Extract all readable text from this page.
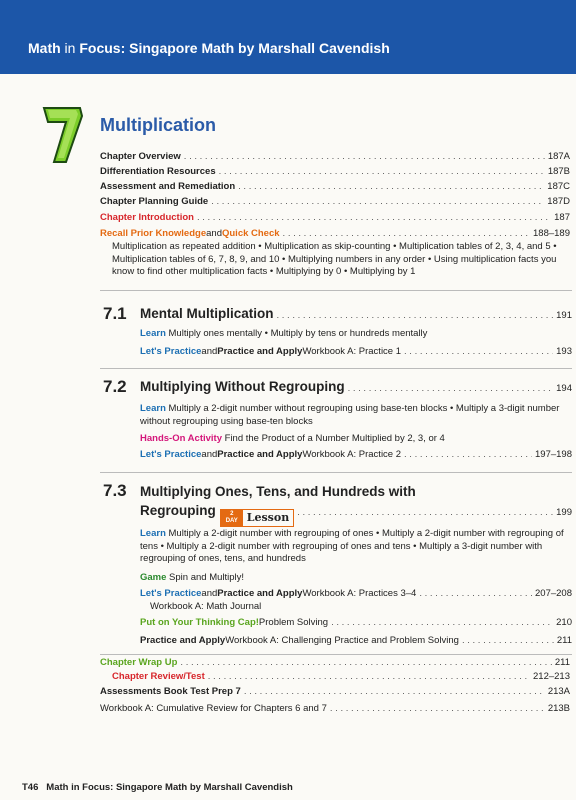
Math in Focus: Singapore Math by Marshall Cavendish
7
Multiplication
Chapter Overview . . .	187A
Differentiation Resources . . .	187B
Assessment and Remediation . . .	187C
Chapter Planning Guide . . .	187D
Chapter Introduction . . .	187
Recall Prior Knowledge and Quick Check . . .	188–189
Multiplication as repeated addition • Multiplication as skip-counting • Multiplication tables of 2, 3, 4, and 5 • Multiplication tables of 6, 7, 8, 9, and 10 • Multiplying numbers in any order • Using multiplication facts you know to find other multiplication facts • Multiplying by 0 • Multiplying by 1
7.1 Mental Multiplication . . .	191
Learn Multiply ones mentally • Multiply by tens or hundreds mentally
Let's Practice and Practice and Apply Workbook A: Practice 1 . . .	193
7.2 Multiplying Without Regrouping . . .	194
Learn Multiply a 2-digit number without regrouping using base-ten blocks • Multiply a 3-digit number without regrouping using base-ten blocks
Hands-On Activity Find the Product of a Number Multiplied by 2, 3, or 4
Let's Practice and Practice and Apply Workbook A: Practice 2 . . .	197–198
7.3 Multiplying Ones, Tens, and Hundreds with
Regrouping	2
DAY Lesson . . .	199
Learn Multiply a 2-digit number with regrouping of ones • Multiply a 2-digit number with regrouping of tens • Multiply a 2-digit number with regrouping of ones and tens • Multiply a 3-digit number with regrouping of ones, tens, and hundreds
Game Spin and Multiply!
Let's Practice and Practice and Apply Workbook A: Practices 3–4 . . .	207–208
Workbook A: Math Journal
Put on Your Thinking Cap! Problem Solving . . .	210
Practice and Apply Workbook A: Challenging Practice and Problem Solving . . .	211
Chapter Wrap Up . . .	211
Chapter Review/Test . . .	212–213
Assessments Book Test Prep 7 . . .	213A
Workbook A: Cumulative Review for Chapters 6 and 7 . . .	213B
T46 Math in Focus: Singapore Math by Marshall Cavendish
